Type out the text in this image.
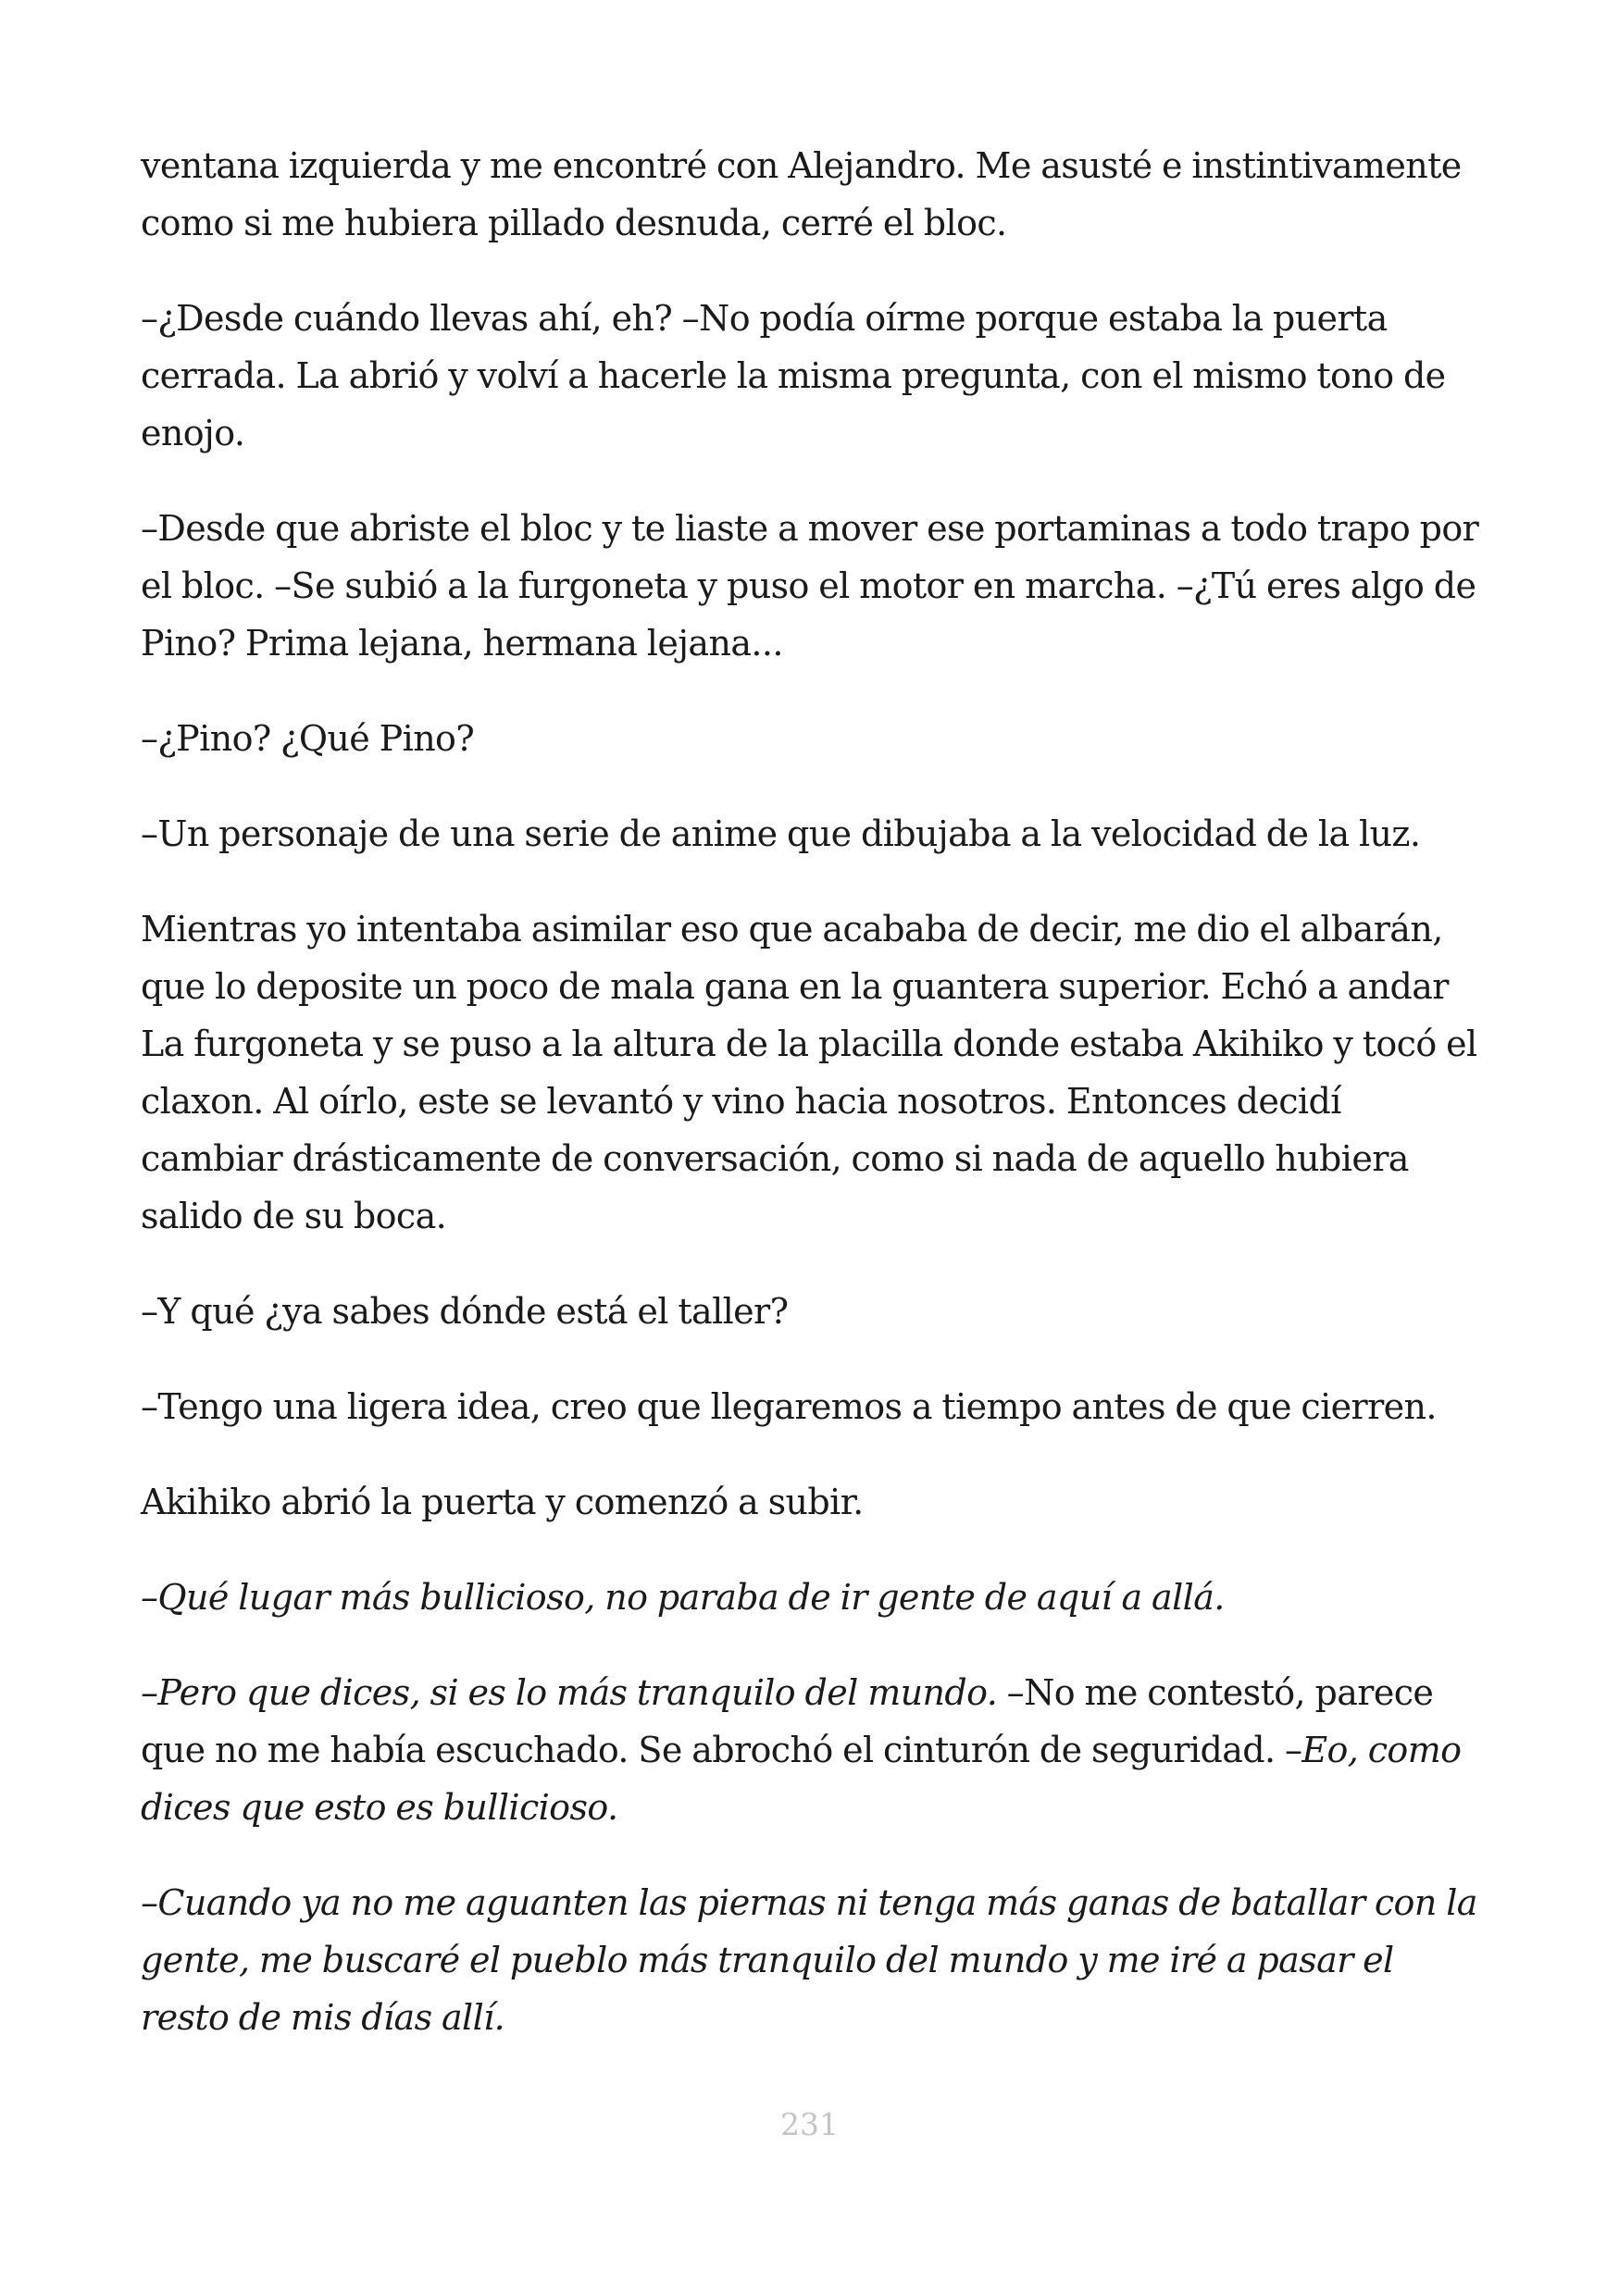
ventana izquierda y me encontré con Alejandro. Me asusté e instintivamente como si me hubiera pillado desnuda, cerré el bloc.

–¿Desde cuándo llevas ahí, eh? –No podía oírme porque estaba la puerta cerrada. La abrió y volví a hacerle la misma pregunta, con el mismo tono de enojo.

–Desde que abriste el bloc y te liaste a mover ese portaminas a todo trapo por el bloc. –Se subió a la furgoneta y puso el motor en marcha. –¿Tú eres algo de Pino? Prima lejana, hermana lejana...

–¿Pino? ¿Qué Pino?

–Un personaje de una serie de anime que dibujaba a la velocidad de la luz.

Mientras yo intentaba asimilar eso que acababa de decir, me dio el albarán, que lo deposite un poco de mala gana en la guantera superior. Echó a andar La furgoneta y se puso a la altura de la placilla donde estaba Akihiko y tocó el claxon. Al oírlo, este se levantó y vino hacia nosotros. Entonces decidí cambiar drásticamente de conversación, como si nada de aquello hubiera salido de su boca.

–Y qué ¿ya sabes dónde está el taller?

–Tengo una ligera idea, creo que llegaremos a tiempo antes de que cierren.

Akihiko abrió la puerta y comenzó a subir.

–Qué lugar más bullicioso, no paraba de ir gente de aquí a allá.

–Pero que dices, si es lo más tranquilo del mundo. –No me contestó, parece que no me había escuchado. Se abrochó el cinturón de seguridad. –Eo, como dices que esto es bullicioso.

–Cuando ya no me aguanten las piernas ni tenga más ganas de batallar con la gente, me buscaré el pueblo más tranquilo del mundo y me iré a pasar el resto de mis días allí.

231
